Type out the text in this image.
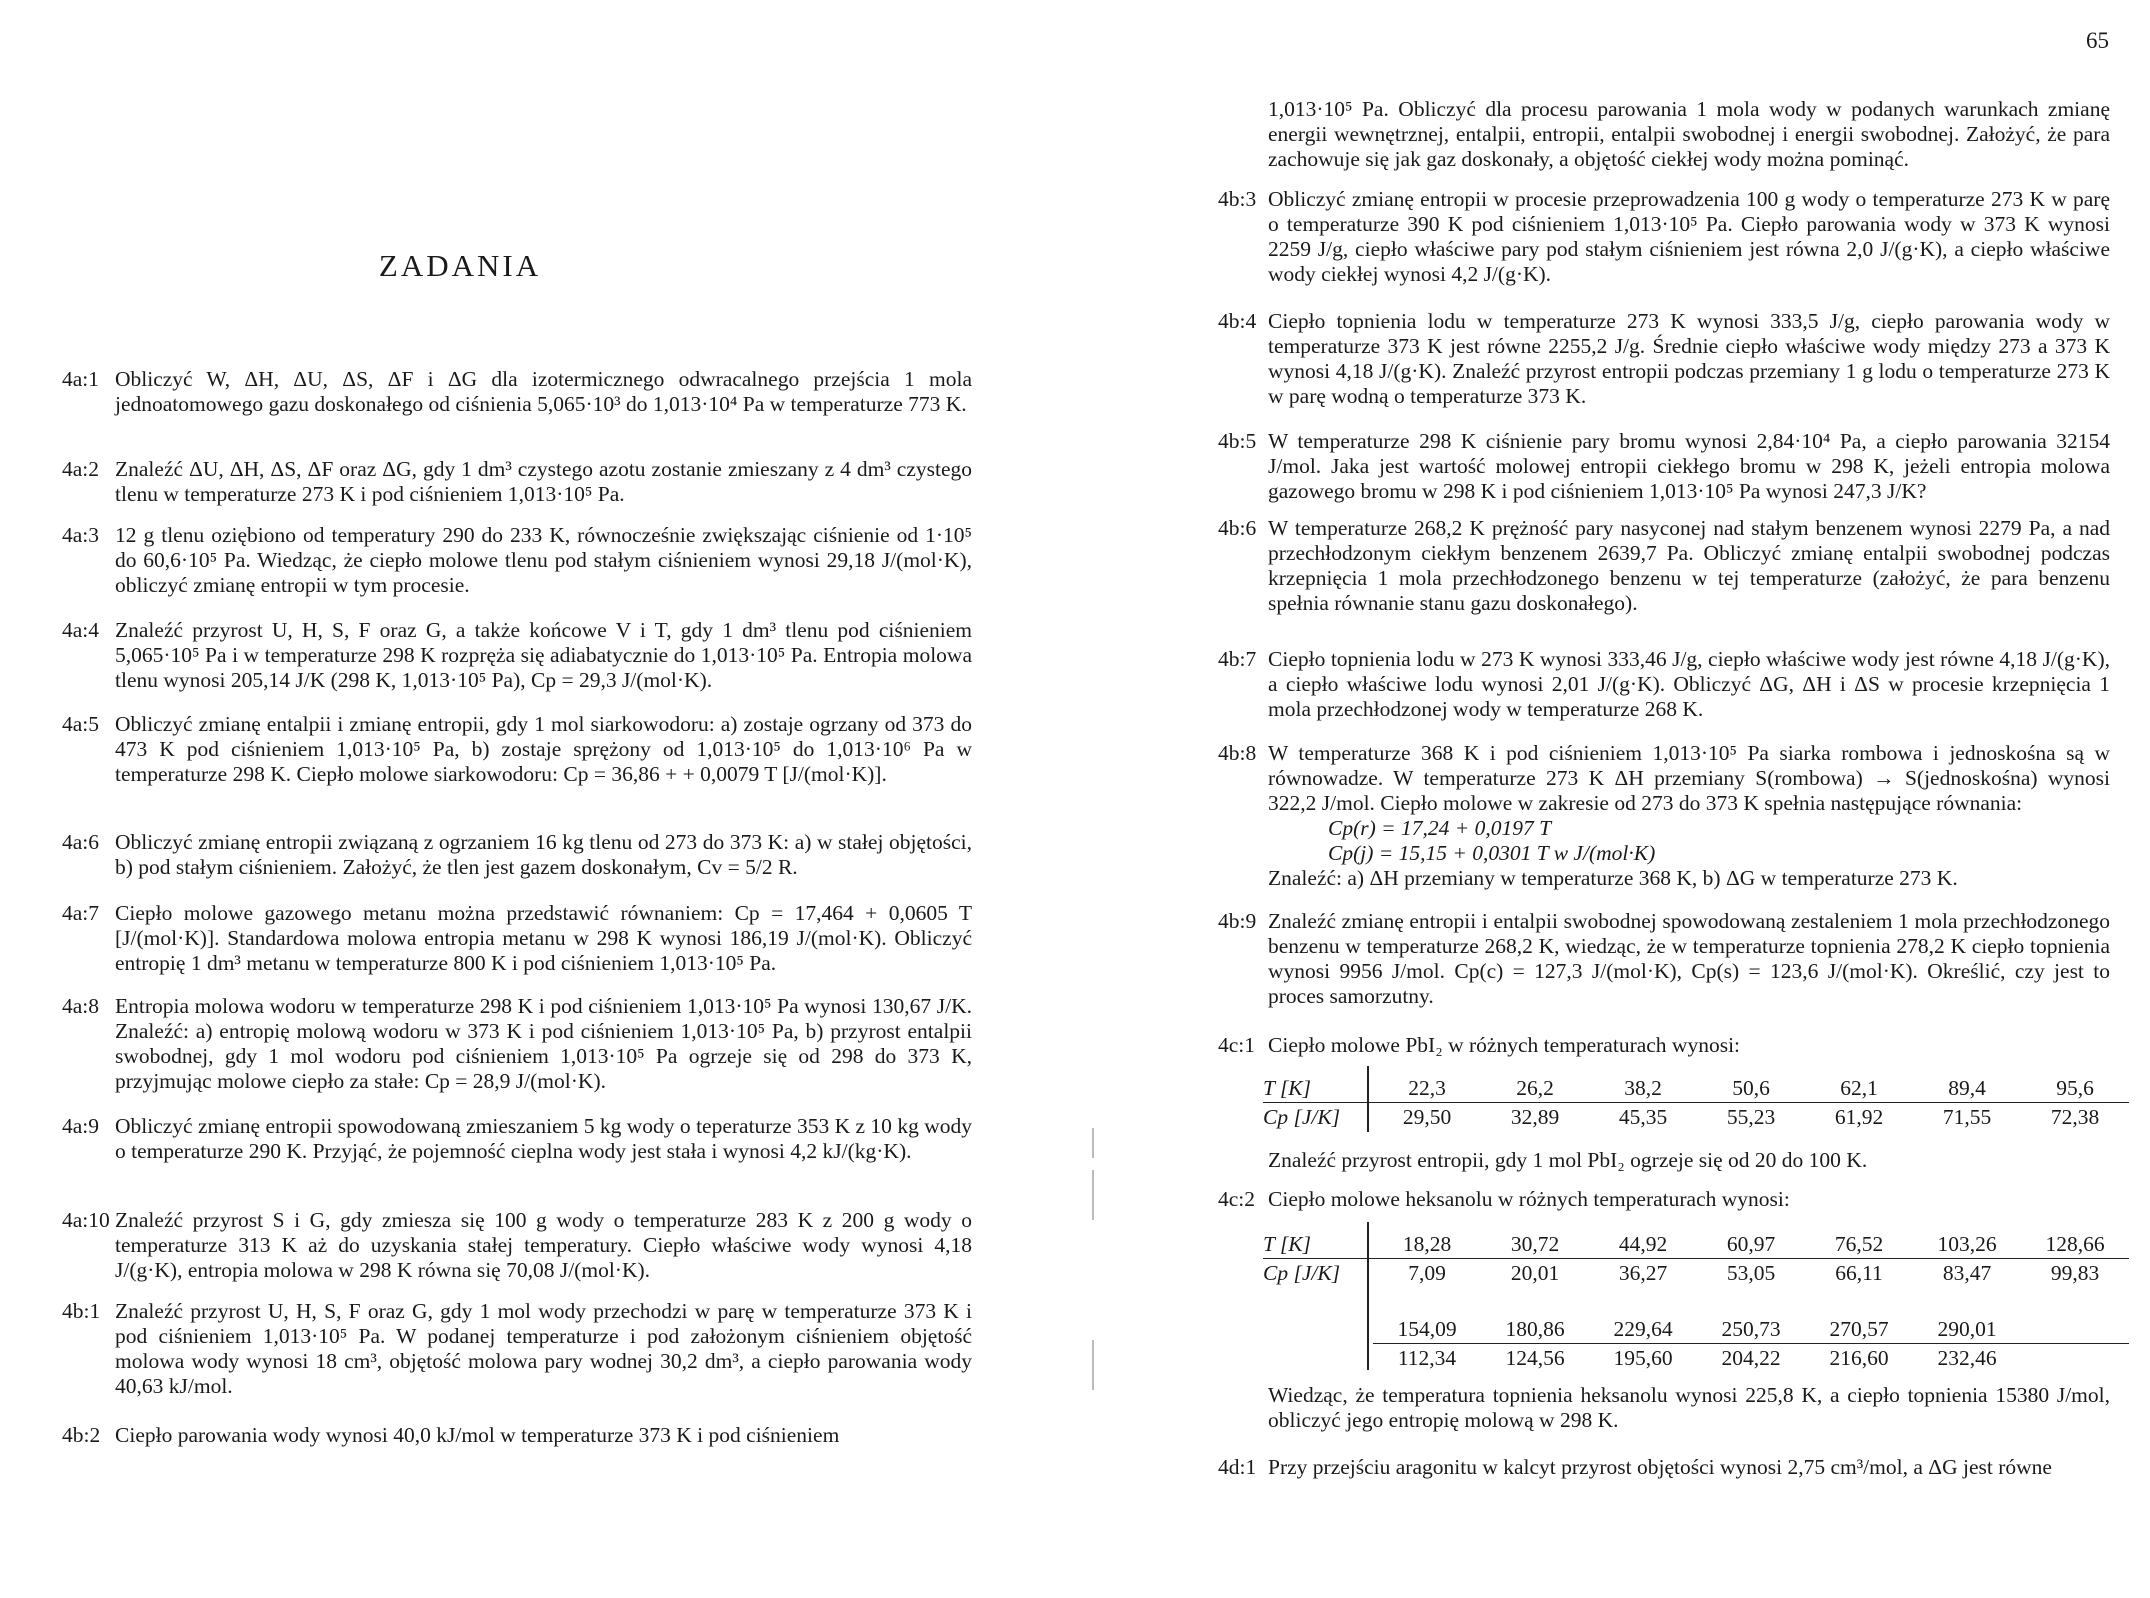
65
ZADANIA
4a:1 Obliczyć W, ΔH, ΔU, ΔS, ΔF i ΔG dla izotermicznego odwracalnego przejścia 1 mola jednoatomowego gazu doskonałego od ciśnienia 5,065·10³ do 1,013·10⁴ Pa w temperaturze 773 K.
4a:2 Znaleźć ΔU, ΔH, ΔS, ΔF oraz ΔG, gdy 1 dm³ czystego azotu zostanie zmieszany z 4 dm³ czystego tlenu w temperaturze 273 K i pod ciśnieniem 1,013·10⁵ Pa.
4a:3 12 g tlenu oziębiono od temperatury 290 do 233 K, równocześnie zwiększając ciśnienie od 1·10⁵ do 60,6·10⁵ Pa. Wiedząc, że ciepło molowe tlenu pod stałym ciśnieniem wynosi 29,18 J/(mol·K), obliczyć zmianę entropii w tym procesie.
4a:4 Znaleźć przyrost U, H, S, F oraz G, a także końcowe V i T, gdy 1 dm³ tlenu pod ciśnieniem 5,065·10⁵ Pa i w temperaturze 298 K rozpręża się adiabatycznie do 1,013·10⁵ Pa. Entropia molowa tlenu wynosi 205,14 J/K (298 K, 1,013·10⁵ Pa), Cp = 29,3 J/(mol·K).
4a:5 Obliczyć zmianę entalpii i zmianę entropii, gdy 1 mol siarkowodoru: a) zostaje ogrzany od 373 do 473 K pod ciśnieniem 1,013·10⁵ Pa, b) zostaje sprężony od 1,013·10⁵ do 1,013·10⁶ Pa w temperaturze 298 K. Ciepło molowe siarkowodoru: Cp = 36,86 + + 0,0079 T [J/(mol·K)].
4a:6 Obliczyć zmianę entropii związaną z ogrzaniem 16 kg tlenu od 273 do 373 K: a) w stałej objętości, b) pod stałym ciśnieniem. Założyć, że tlen jest gazem doskonałym, Cv = 5/2 R.
4a:7 Ciepło molowe gazowego metanu można przedstawić równaniem: Cp = 17,464 + 0,0605 T [J/(mol·K)]. Standardowa molowa entropia metanu w 298 K wynosi 186,19 J/(mol·K). Obliczyć entropię 1 dm³ metanu w temperaturze 800 K i pod ciśnieniem 1,013·10⁵ Pa.
4a:8 Entropia molowa wodoru w temperaturze 298 K i pod ciśnieniem 1,013·10⁵ Pa wynosi 130,67 J/K. Znaleźć: a) entropię molową wodoru w 373 K i pod ciśnieniem 1,013·10⁵ Pa, b) przyrost entalpii swobodnej, gdy 1 mol wodoru pod ciśnieniem 1,013·10⁵ Pa ogrzeje się od 298 do 373 K, przyjmując molowe ciepło za stałe: Cp = 28,9 J/(mol·K).
4a:9 Obliczyć zmianę entropii spowodowaną zmieszaniem 5 kg wody o teperaturze 353 K z 10 kg wody o temperaturze 290 K. Przyjąć, że pojemność cieplna wody jest stała i wynosi 4,2 kJ/(kg·K).
4a:10 Znaleźć przyrost S i G, gdy zmiesza się 100 g wody o temperaturze 283 K z 200 g wody o temperaturze 313 K aż do uzyskania stałej temperatury. Ciepło właściwe wody wynosi 4,18 J/(g·K), entropia molowa w 298 K równa się 70,08 J/(mol·K).
4b:1 Znaleźć przyrost U, H, S, F oraz G, gdy 1 mol wody przechodzi w parę w temperaturze 373 K i pod ciśnieniem 1,013·10⁵ Pa. W podanej temperaturze i pod założonym ciśnieniem objętość molowa wody wynosi 18 cm³, objętość molowa pary wodnej 30,2 dm³, a ciepło parowania wody 40,63 kJ/mol.
4b:2 Ciepło parowania wody wynosi 40,0 kJ/mol w temperaturze 373 K i pod ciśnieniem
1,013·10⁵ Pa. Obliczyć dla procesu parowania 1 mola wody w podanych warunkach zmianę energii wewnętrznej, entalpii, entropii, entalpii swobodnej i energii swobodnej. Założyć, że para zachowuje się jak gaz doskonały, a objętość ciekłej wody można pominąć.
4b:3 Obliczyć zmianę entropii w procesie przeprowadzenia 100 g wody o temperaturze 273 K w parę o temperaturze 390 K pod ciśnieniem 1,013·10⁵ Pa. Ciepło parowania wody w 373 K wynosi 2259 J/g, ciepło właściwe pary pod stałym ciśnieniem jest równa 2,0 J/(g·K), a ciepło właściwe wody ciekłej wynosi 4,2 J/(g·K).
4b:4 Ciepło topnienia lodu w temperaturze 273 K wynosi 333,5 J/g, ciepło parowania wody w temperaturze 373 K jest równe 2255,2 J/g. Średnie ciepło właściwe wody między 273 a 373 K wynosi 4,18 J/(g·K). Znaleźć przyrost entropii podczas przemiany 1 g lodu o temperaturze 273 K w parę wodną o temperaturze 373 K.
4b:5 W temperaturze 298 K ciśnienie pary bromu wynosi 2,84·10⁴ Pa, a ciepło parowania 32154 J/mol. Jaka jest wartość molowej entropii ciekłego bromu w 298 K, jeżeli entropia molowa gazowego bromu w 298 K i pod ciśnieniem 1,013·10⁵ Pa wynosi 247,3 J/K?
4b:6 W temperaturze 268,2 K prężność pary nasyconej nad stałym benzenem wynosi 2279 Pa, a nad przechłodzonym ciekłym benzenem 2639,7 Pa. Obliczyć zmianę entalpii swobodnej podczas krzepnięcia 1 mola przechłodzonego benzenu w tej temperaturze (założyć, że para benzenu spełnia równanie stanu gazu doskonałego).
4b:7 Ciepło topnienia lodu w 273 K wynosi 333,46 J/g, ciepło właściwe wody jest równe 4,18 J/(g·K), a ciepło właściwe lodu wynosi 2,01 J/(g·K). Obliczyć ΔG, ΔH i ΔS w procesie krzepnięcia 1 mola przechłodzonej wody w temperaturze 268 K.
4b:8 W temperaturze 368 K i pod ciśnieniem 1,013·10⁵ Pa siarka rombowa i jednoskośna są w równowadze. W temperaturze 273 K ΔH przemiany S(rombowa) → S(jednoskośna) wynosi 322,2 J/mol. Ciepło molowe w zakresie od 273 do 373 K spełnia następujące równania:
Cp(r) = 17,24 + 0,0197 T
Cp(j) = 15,15 + 0,0301 T w J/(mol·K)
Znaleźć: a) ΔH przemiany w temperaturze 368 K, b) ΔG w temperaturze 273 K.
4b:9 Znaleźć zmianę entropii i entalpii swobodnej spowodowaną zestaleniem 1 mola przechłodzonego benzenu w temperaturze 268,2 K, wiedząc, że w temperaturze topnienia 278,2 K ciepło topnienia wynosi 9956 J/mol. Cp(c) = 127,3 J/(mol·K), Cp(s) = 123,6 J/(mol·K). Określić, czy jest to proces samorzutny.
4c:1 Ciepło molowe PbI₂ w różnych temperaturach wynosi:
T [K]	22,3	26,2	38,2	50,6	62,1	89,4	95,6
Cp [J/K]	29,50	32,89	45,35	55,23	61,92	71,55	72,38
Znaleźć przyrost entropii, gdy 1 mol PbI₂ ogrzeje się od 20 do 100 K.
4c:2 Ciepło molowe heksanolu w różnych temperaturach wynosi:
T [K]	18,28	30,72	44,92	60,97	76,52	103,26	128,66
Cp [J/K]	7,09	20,01	36,27	53,05	66,11	83,47	99,83
154,09	180,86	229,64	250,73	270,57	290,01
112,34	124,56	195,60	204,22	216,60	232,46
Wiedząc, że temperatura topnienia heksanolu wynosi 225,8 K, a ciepło topnienia 15380 J/mol, obliczyć jego entropię molową w 298 K.
4d:1 Przy przejściu aragonitu w kalcyt przyrost objętości wynosi 2,75 cm³/mol, a ΔG jest równe
